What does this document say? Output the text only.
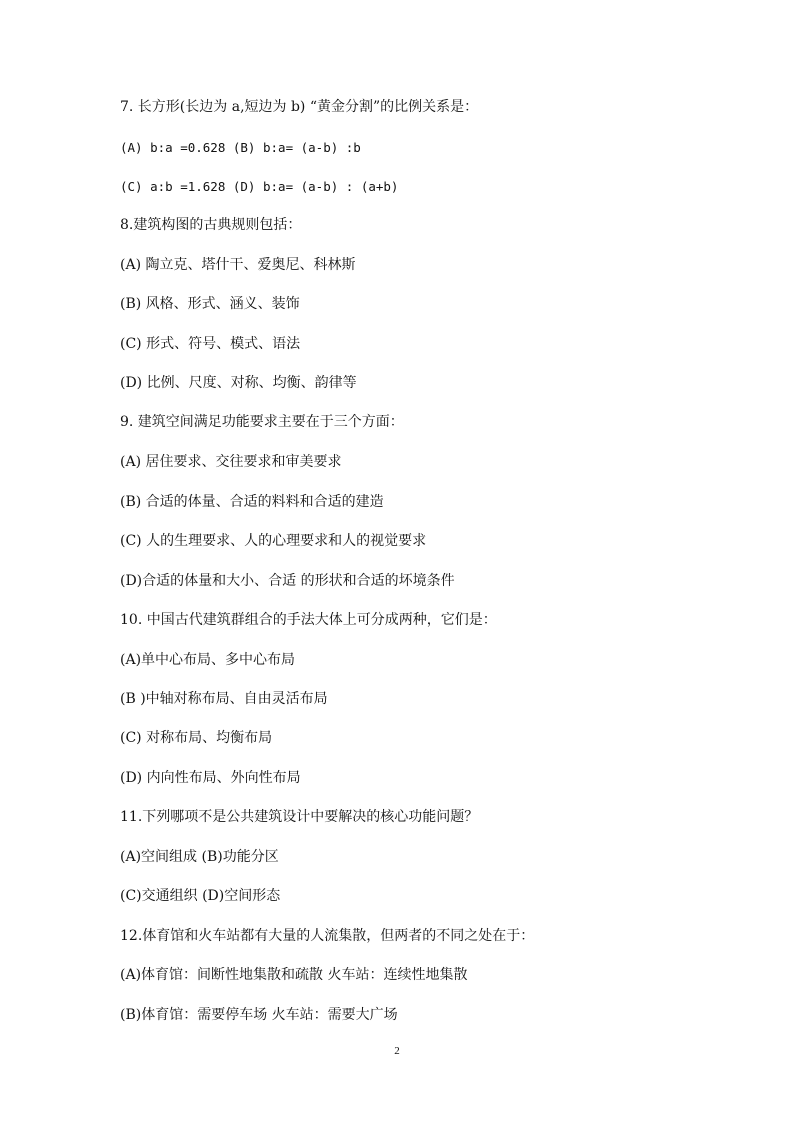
7. 长方形(长边为 a,短边为 b) “黄金分割”的比例关系是：
(A) b:a =0.628 (B) b:a= (a-b) :b
(C) a:b =1.628 (D) b:a= (a-b) : (a+b)
8.建筑构图的古典规则包括：
(A) 陶立克、塔什干、爱奥尼、科林斯
(B) 风格、形式、涵义、装饰
(C) 形式、符号、模式、语法
(D) 比例、尺度、对称、均衡、韵律等
9. 建筑空间满足功能要求主要在于三个方面：
(A) 居住要求、交往要求和审美要求
(B) 合适的体量、合适的料料和合适的建造
(C) 人的生理要求、人的心理要求和人的视觉要求
(D)合适的体量和大小、合适 的形状和合适的坏境条件
10. 中国古代建筑群组合的手法大体上可分成两种，它们是：
(A)单中心布局、多中心布局
(B )中轴对称布局、自由灵活布局
(C) 对称布局、均衡布局
(D) 内向性布局、外向性布局
11.下列哪项不是公共建筑设计中要解决的核心功能问题？
(A)空间组成 (B)功能分区
(C)交通组织 (D)空间形态
12.体育馆和火车站都有大量的人流集散，但两者的不同之处在于：
(A)体育馆：间断性地集散和疏散 火车站：连续性地集散
(B)体育馆：需要停车场 火车站：需要大广场
2
